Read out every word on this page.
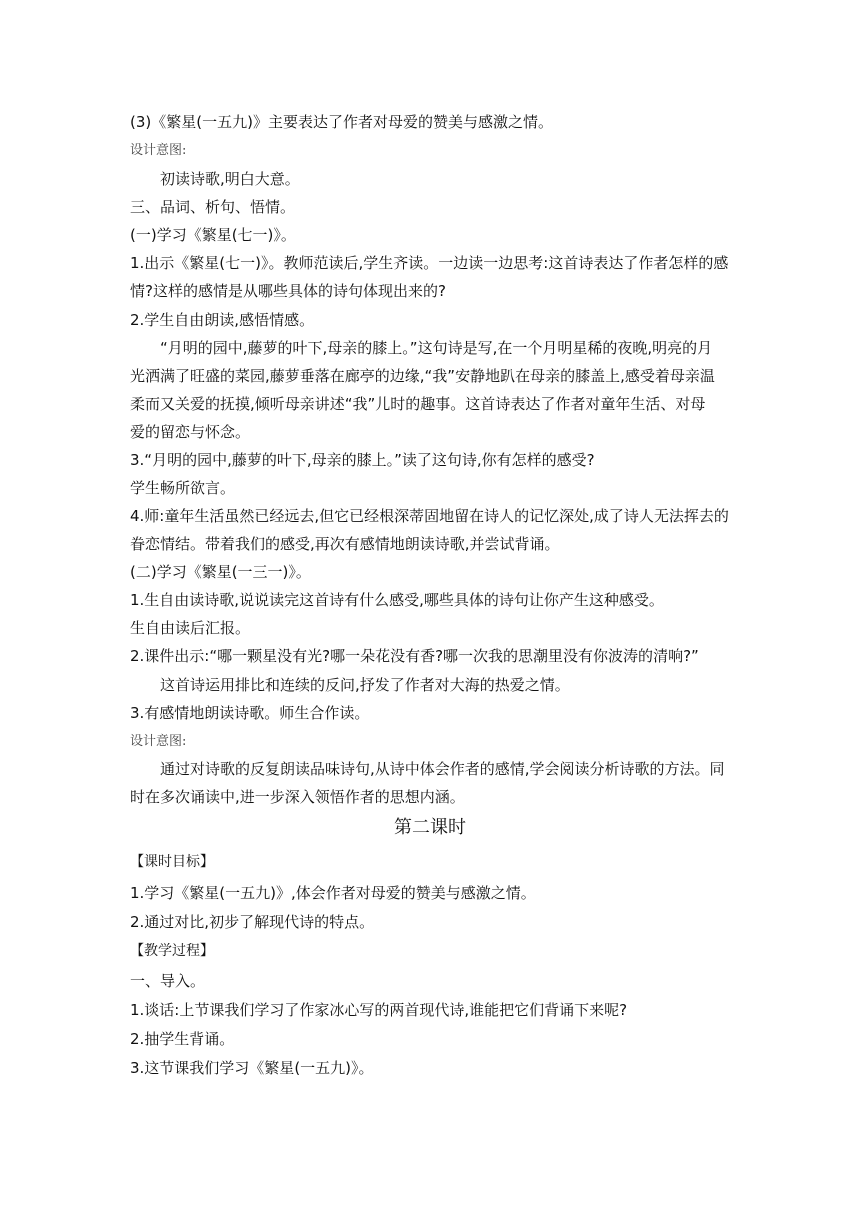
(3)《繁星(一五九)》主要表达了作者对母爱的赞美与感激之情。
设计意图:
初读诗歌,明白大意。
三、品词、析句、悟情。
(一)学习《繁星(七一)》。
1.出示《繁星(七一)》。教师范读后,学生齐读。一边读一边思考:这首诗表达了作者怎样的感
情?这样的感情是从哪些具体的诗句体现出来的?
2.学生自由朗读,感悟情感。
“月明的园中,藤萝的叶下,母亲的膝上。”这句诗是写,在一个月明星稀的夜晚,明亮的月
光洒满了旺盛的菜园,藤萝垂落在廊亭的边缘,“我”安静地趴在母亲的膝盖上,感受着母亲温
柔而又关爱的抚摸,倾听母亲讲述“我”儿时的趣事。这首诗表达了作者对童年生活、对母
爱的留恋与怀念。
3.“月明的园中,藤萝的叶下,母亲的膝上。”读了这句诗,你有怎样的感受?
学生畅所欲言。
4.师:童年生活虽然已经远去,但它已经根深蒂固地留在诗人的记忆深处,成了诗人无法挥去的
眷恋情结。带着我们的感受,再次有感情地朗读诗歌,并尝试背诵。
(二)学习《繁星(一三一)》。
1.生自由读诗歌,说说读完这首诗有什么感受,哪些具体的诗句让你产生这种感受。
生自由读后汇报。
2.课件出示:“哪一颗星没有光?哪一朵花没有香?哪一次我的思潮里没有你波涛的清响?”
这首诗运用排比和连续的反问,抒发了作者对大海的热爱之情。
3.有感情地朗读诗歌。师生合作读。
设计意图:
通过对诗歌的反复朗读品味诗句,从诗中体会作者的感情,学会阅读分析诗歌的方法。同
时在多次诵读中,进一步深入领悟作者的思想内涵。
第二课时
【课时目标】
1.学习《繁星(一五九)》,体会作者对母爱的赞美与感激之情。
2.通过对比,初步了解现代诗的特点。
【教学过程】
一、导入。
1.谈话:上节课我们学习了作家冰心写的两首现代诗,谁能把它们背诵下来呢?
2.抽学生背诵。
3.这节课我们学习《繁星(一五九)》。
